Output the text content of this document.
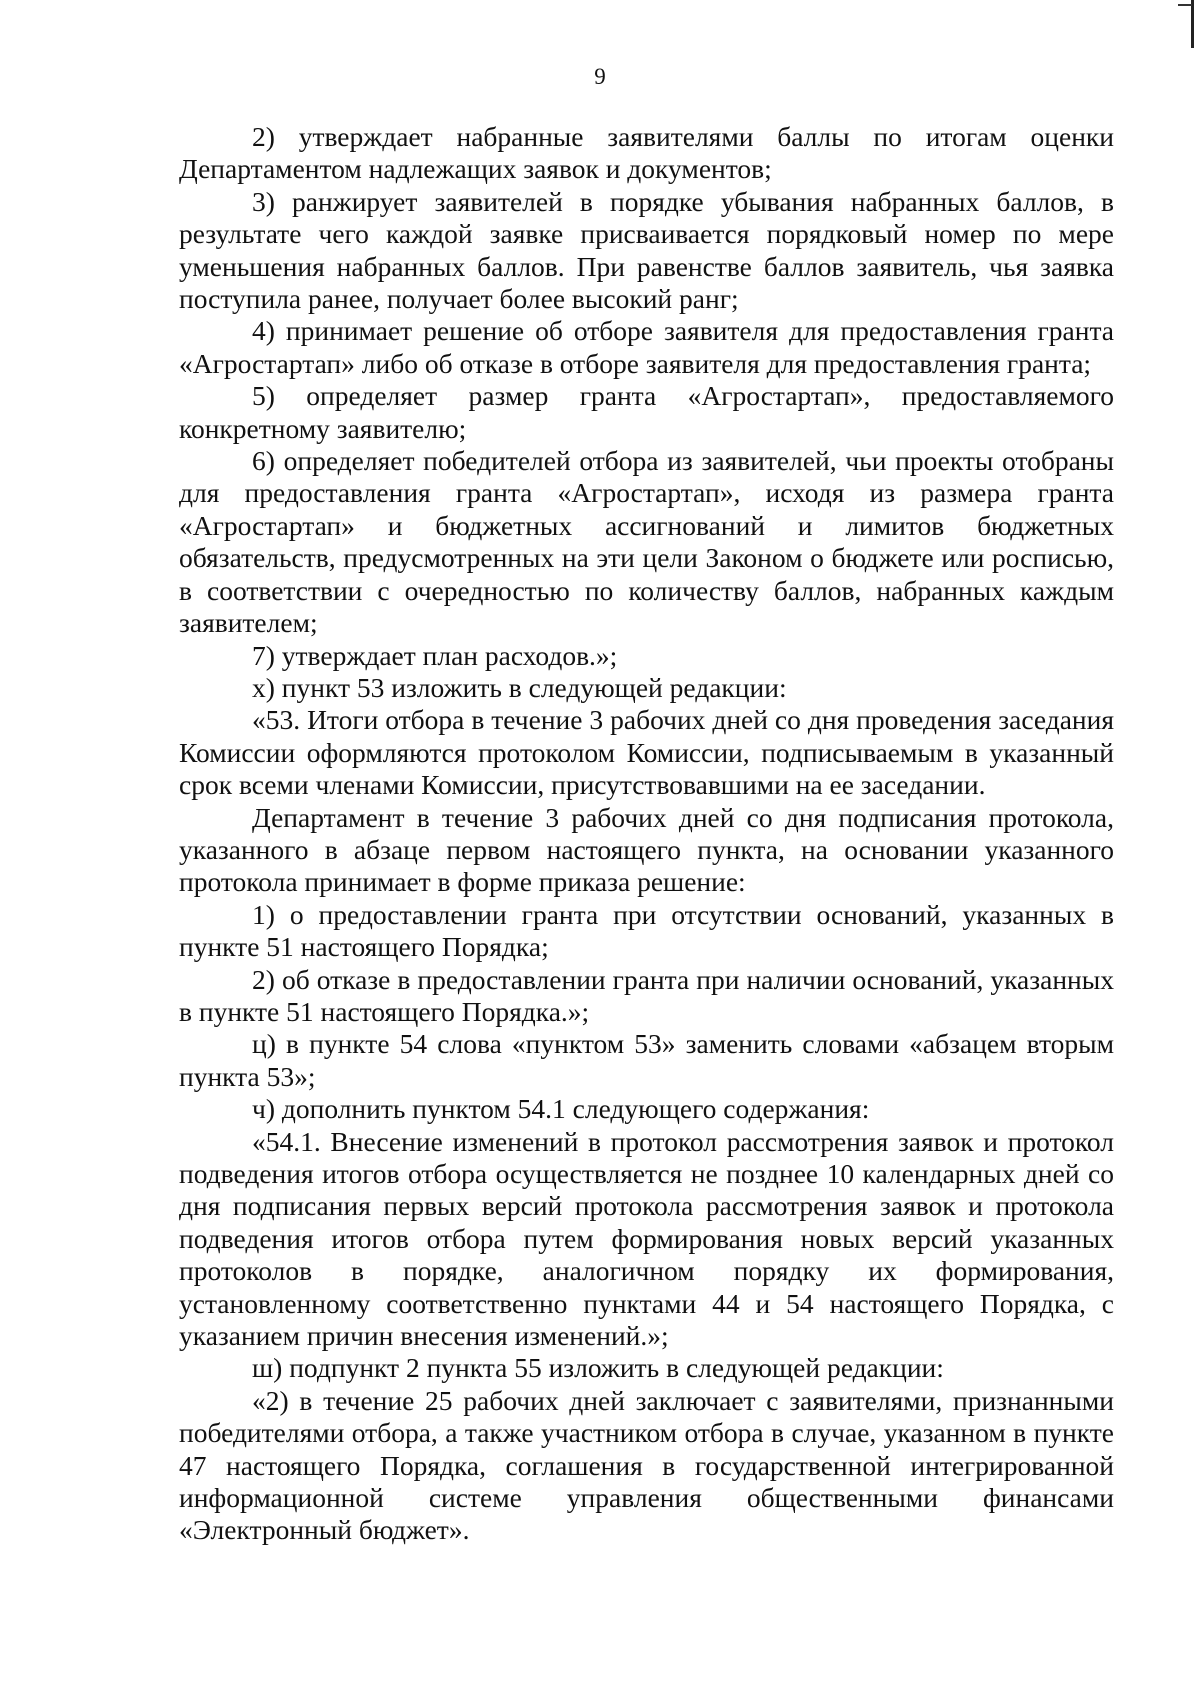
9

2) утверждает набранные заявителями баллы по итогам оценки Департаментом надлежащих заявок и документов;

3) ранжирует заявителей в порядке убывания набранных баллов, в результате чего каждой заявке присваивается порядковый номер по мере уменьшения набранных баллов. При равенстве баллов заявитель, чья заявка поступила ранее, получает более высокий ранг;

4) принимает решение об отборе заявителя для предоставления гранта «Агростартап» либо об отказе в отборе заявителя для предоставления гранта;

5) определяет размер гранта «Агростартап», предоставляемого конкретному заявителю;

6) определяет победителей отбора из заявителей, чьи проекты отобраны для предоставления гранта «Агростартап», исходя из размера гранта «Агростартап» и бюджетных ассигнований и лимитов бюджетных обязательств, предусмотренных на эти цели Законом о бюджете или росписью, в соответствии с очередностью по количеству баллов, набранных каждым заявителем;

7) утверждает план расходов.»;

х) пункт 53 изложить в следующей редакции:

«53. Итоги отбора в течение 3 рабочих дней со дня проведения заседания Комиссии оформляются протоколом Комиссии, подписываемым в указанный срок всеми членами Комиссии, присутствовавшими на ее заседании.

Департамент в течение 3 рабочих дней со дня подписания протокола, указанного в абзаце первом настоящего пункта, на основании указанного протокола принимает в форме приказа решение:

1) о предоставлении гранта при отсутствии оснований, указанных в пункте 51 настоящего Порядка;

2) об отказе в предоставлении гранта при наличии оснований, указанных в пункте 51 настоящего Порядка.»;

ц) в пункте 54 слова «пунктом 53» заменить словами «абзацем вторым пункта 53»;

ч) дополнить пунктом 54.1 следующего содержания:

«54.1. Внесение изменений в протокол рассмотрения заявок и протокол подведения итогов отбора осуществляется не позднее 10 календарных дней со дня подписания первых версий протокола рассмотрения заявок и протокола подведения итогов отбора путем формирования новых версий указанных протоколов в порядке, аналогичном порядку их формирования, установленному соответственно пунктами 44 и 54 настоящего Порядка, с указанием причин внесения изменений.»;

ш) подпункт 2 пункта 55 изложить в следующей редакции:

«2) в течение 25 рабочих дней заключает с заявителями, признанными победителями отбора, а также участником отбора в случае, указанном в пункте 47 настоящего Порядка, соглашения в государственной интегрированной информационной системе управления общественными финансами «Электронный бюджет».
